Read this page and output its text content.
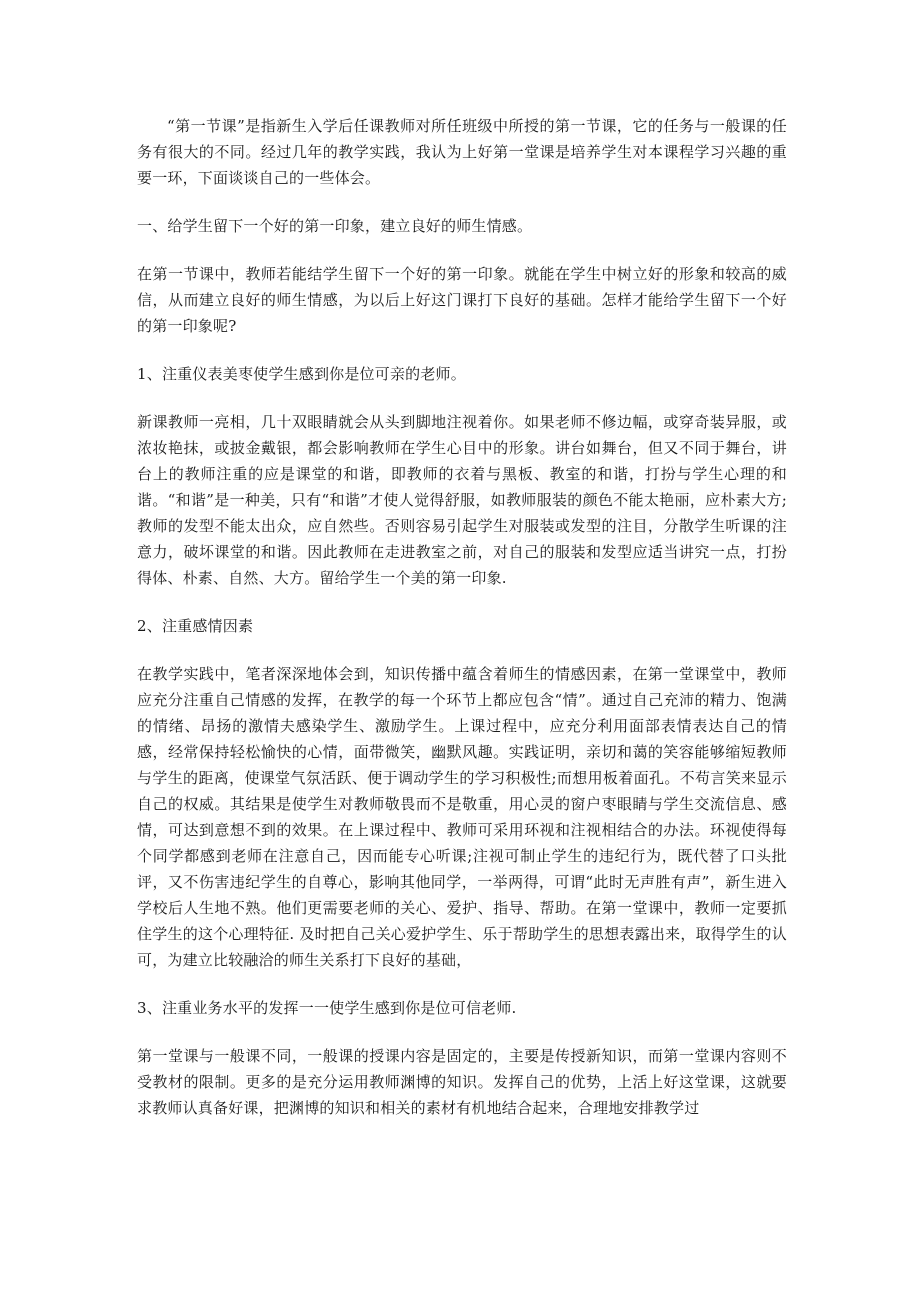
“第一节课”是指新生入学后任课教师对所任班级中所授的第一节课，它的任务与一般课的任务有很大的不同。经过几年的教学实践，我认为上好第一堂课是培养学生对本课程学习兴趣的重要一环，下面谈谈自己的一些体会。

一、给学生留下一个好的第一印象，建立良好的师生情感。

在第一节课中，教师若能结学生留下一个好的第一印象。就能在学生中树立好的形象和较高的威信，从而建立良好的师生情感，为以后上好这门课打下良好的基础。怎样才能给学生留下一个好的第一印象呢?

1、注重仪表美枣使学生感到你是位可亲的老师。

新课教师一亮相，几十双眼睛就会从头到脚地注视着你。如果老师不修边幅，或穿奇装异服，或浓妆艳抹，或披金戴银，都会影响教师在学生心目中的形象。讲台如舞台，但又不同于舞台，讲台上的教师注重的应是课堂的和谐，即教师的衣着与黑板、教室的和谐，打扮与学生心理的和谐。“和谐”是一种美，只有“和谐”才使人觉得舒服，如教师服装的颜色不能太艳丽，应朴素大方;教师的发型不能太出众，应自然些。否则容易引起学生对服装或发型的注目，分散学生听课的注意力，破坏课堂的和谐。因此教师在走进教室之前，对自己的服装和发型应适当讲究一点，打扮得体、朴素、自然、大方。留给学生一个美的第一印象.

2、注重感情因素

在教学实践中，笔者深深地体会到，知识传播中蕴含着师生的情感因素，在第一堂课堂中，教师应充分注重自己情感的发挥，在教学的每一个环节上都应包含“情”。通过自己充沛的精力、饱满的情绪、昂扬的激情夫感染学生、激励学生。上课过程中，应充分利用面部表情表达自己的情感，经常保持轻松愉快的心情，面带微笑，幽默风趣。实践证明，亲切和蔼的笑容能够缩短教师与学生的距离，使课堂气氛活跃、便于调动学生的学习积极性;而想用板着面孔。不苟言笑来显示自己的权威。其结果是使学生对教师敬畏而不是敬重，用心灵的窗户枣眼睛与学生交流信息、感情，可达到意想不到的效果。在上课过程中、教师可采用环视和注视相结合的办法。环视使得每个同学都感到老师在注意自己，因而能专心听课;注视可制止学生的违纪行为，既代替了口头批评，又不伤害违纪学生的自尊心，影响其他同学，一举两得，可谓“此时无声胜有声”，新生进入学校后人生地不熟。他们更需要老师的关心、爱护、指导、帮助。在第一堂课中，教师一定要抓住学生的这个心理特征. 及时把自己关心爱护学生、乐于帮助学生的思想表露出来，取得学生的认可，为建立比较融洽的师生关系打下良好的基础，

3、注重业务水平的发挥一一使学生感到你是位可信老师.

第一堂课与一般课不同，一般课的授课内容是固定的，主要是传授新知识，而第一堂课内容则不受教材的限制。更多的是充分运用教师渊博的知识。发挥自己的优势，上活上好这堂课，这就要求教师认真备好课，把渊博的知识和相关的素材有机地结合起来，合理地安排教学过
